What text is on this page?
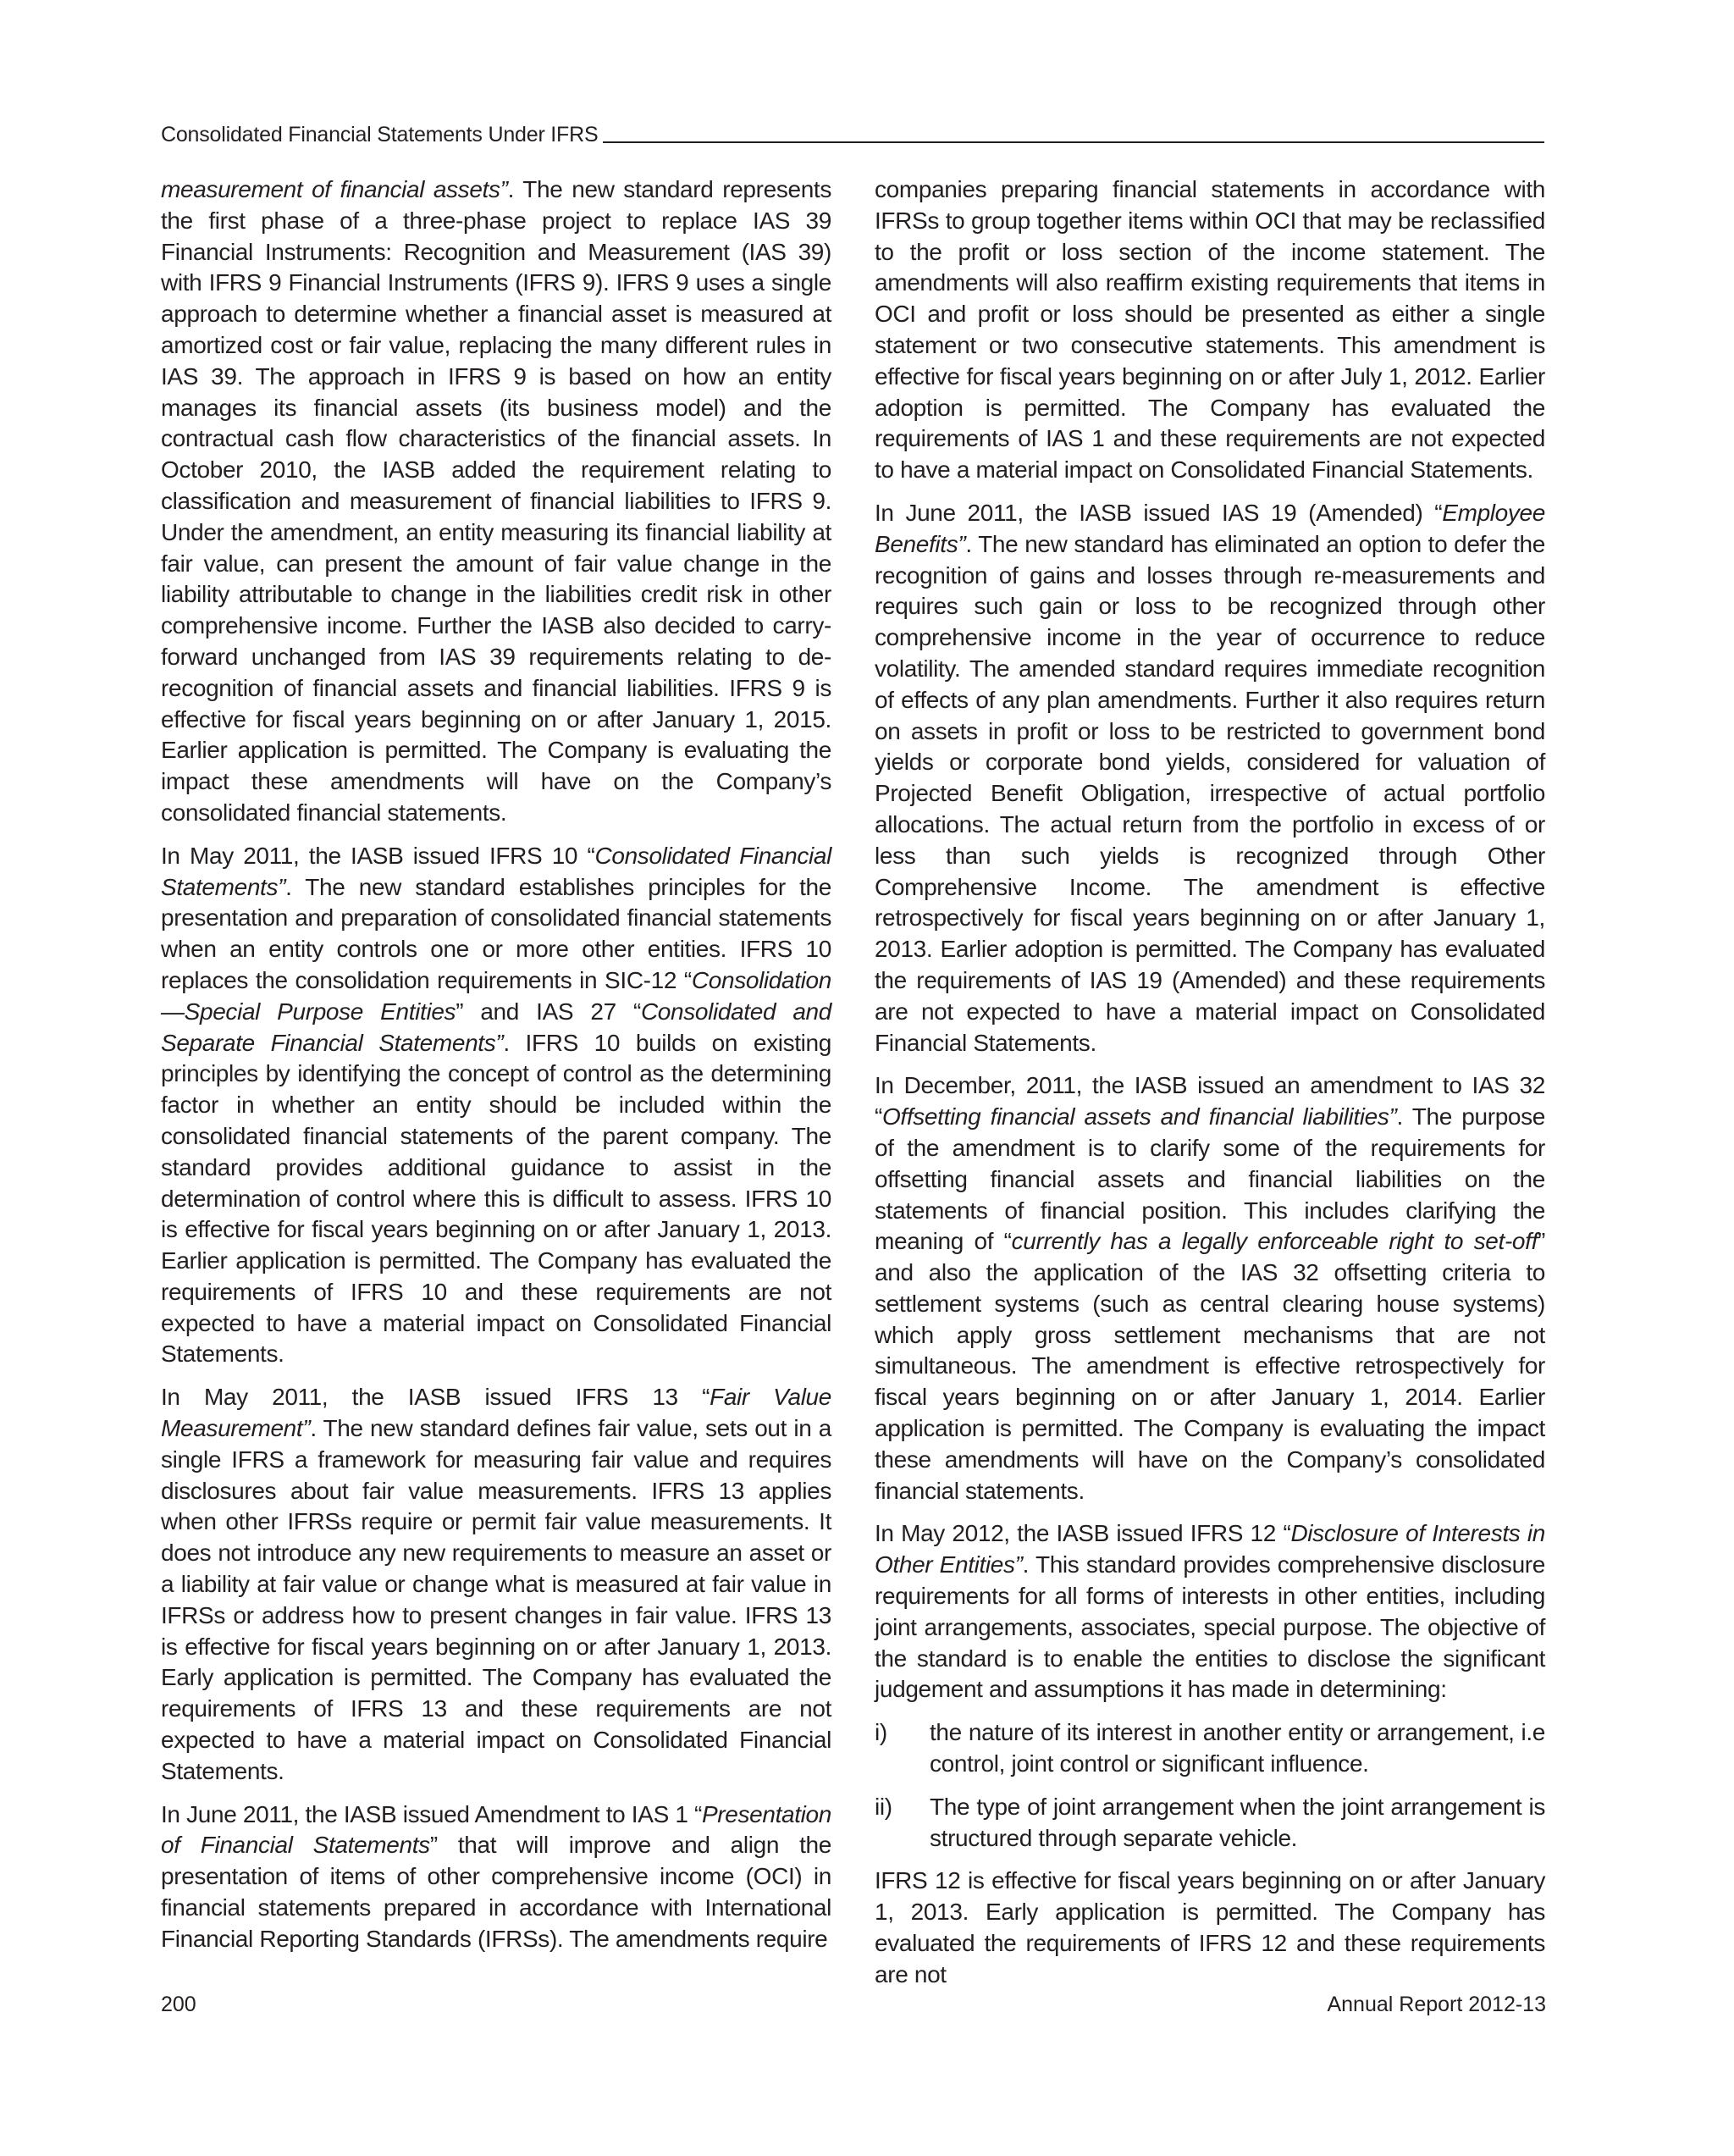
Consolidated Financial Statements Under IFRS

measurement of financial assets”. The new standard represents the first phase of a three-phase project to replace IAS 39 Financial Instruments: Recognition and Measurement (IAS 39) with IFRS 9 Financial Instruments (IFRS 9). IFRS 9 uses a single approach to determine whether a financial asset is measured at amortized cost or fair value, replacing the many different rules in IAS 39. The approach in IFRS 9 is based on how an entity manages its financial assets (its business model) and the contractual cash flow characteristics of the financial assets. In October 2010, the IASB added the requirement relating to classification and measurement of financial liabilities to IFRS 9. Under the amendment, an entity measuring its financial liability at fair value, can present the amount of fair value change in the liability attributable to change in the liabilities credit risk in other comprehensive income. Further the IASB also decided to carry-forward unchanged from IAS 39 requirements relating to de-recognition of financial assets and financial liabilities. IFRS 9 is effective for fiscal years beginning on or after January 1, 2015. Earlier application is permitted. The Company is evaluating the impact these amendments will have on the Company’s consolidated financial statements.

In May 2011, the IASB issued IFRS 10 “Consolidated Financial Statements”. The new standard establishes principles for the presentation and preparation of consolidated financial statements when an entity controls one or more other entities. IFRS 10 replaces the consolidation requirements in SIC-12 “Consolidation—Special Purpose Entities” and IAS 27 “Consolidated and Separate Financial Statements”. IFRS 10 builds on existing principles by identifying the concept of control as the determining factor in whether an entity should be included within the consolidated financial statements of the parent company. The standard provides additional guidance to assist in the determination of control where this is difficult to assess. IFRS 10 is effective for fiscal years beginning on or after January 1, 2013. Earlier application is permitted. The Company has evaluated the requirements of IFRS 10 and these requirements are not expected to have a material impact on Consolidated Financial Statements.

In May 2011, the IASB issued IFRS 13 “Fair Value Measurement”. The new standard defines fair value, sets out in a single IFRS a framework for measuring fair value and requires disclosures about fair value measurements. IFRS 13 applies when other IFRSs require or permit fair value measurements. It does not introduce any new requirements to measure an asset or a liability at fair value or change what is measured at fair value in IFRSs or address how to present changes in fair value. IFRS 13 is effective for fiscal years beginning on or after January 1, 2013. Early application is permitted. The Company has evaluated the requirements of IFRS 13 and these requirements are not expected to have a material impact on Consolidated Financial Statements.

In June 2011, the IASB issued Amendment to IAS 1 “Presentation of Financial Statements” that will improve and align the presentation of items of other comprehensive income (OCI) in financial statements prepared in accordance with International Financial Reporting Standards (IFRSs). The amendments require

companies preparing financial statements in accordance with IFRSs to group together items within OCI that may be reclassified to the profit or loss section of the income statement. The amendments will also reaffirm existing requirements that items in OCI and profit or loss should be presented as either a single statement or two consecutive statements. This amendment is effective for fiscal years beginning on or after July 1, 2012. Earlier adoption is permitted. The Company has evaluated the requirements of IAS 1 and these requirements are not expected to have a material impact on Consolidated Financial Statements.

In June 2011, the IASB issued IAS 19 (Amended) “Employee Benefits”. The new standard has eliminated an option to defer the recognition of gains and losses through re-measurements and requires such gain or loss to be recognized through other comprehensive income in the year of occurrence to reduce volatility. The amended standard requires immediate recognition of effects of any plan amendments. Further it also requires return on assets in profit or loss to be restricted to government bond yields or corporate bond yields, considered for valuation of Projected Benefit Obligation, irrespective of actual portfolio allocations. The actual return from the portfolio in excess of or less than such yields is recognized through Other Comprehensive Income. The amendment is effective retrospectively for fiscal years beginning on or after January 1, 2013. Earlier adoption is permitted. The Company has evaluated the requirements of IAS 19 (Amended) and these requirements are not expected to have a material impact on Consolidated Financial Statements.

In December, 2011, the IASB issued an amendment to IAS 32 “Offsetting financial assets and financial liabilities”. The purpose of the amendment is to clarify some of the requirements for offsetting financial assets and financial liabilities on the statements of financial position. This includes clarifying the meaning of “currently has a legally enforceable right to set-off” and also the application of the IAS 32 offsetting criteria to settlement systems (such as central clearing house systems) which apply gross settlement mechanisms that are not simultaneous. The amendment is effective retrospectively for fiscal years beginning on or after January 1, 2014. Earlier application is permitted. The Company is evaluating the impact these amendments will have on the Company’s consolidated financial statements.

In May 2012, the IASB issued IFRS 12 “Disclosure of Interests in Other Entities”. This standard provides comprehensive disclosure requirements for all forms of interests in other entities, including joint arrangements, associates, special purpose. The objective of the standard is to enable the entities to disclose the significant judgement and assumptions it has made in determining:

i)	the nature of its interest in another entity or arrangement, i.e control, joint control or significant influence.

ii)	The type of joint arrangement when the joint arrangement is structured through separate vehicle.

IFRS 12 is effective for fiscal years beginning on or after January 1, 2013. Early application is permitted. The Company has evaluated the requirements of IFRS 12 and these requirements are not

200	Annual Report 2012-13
